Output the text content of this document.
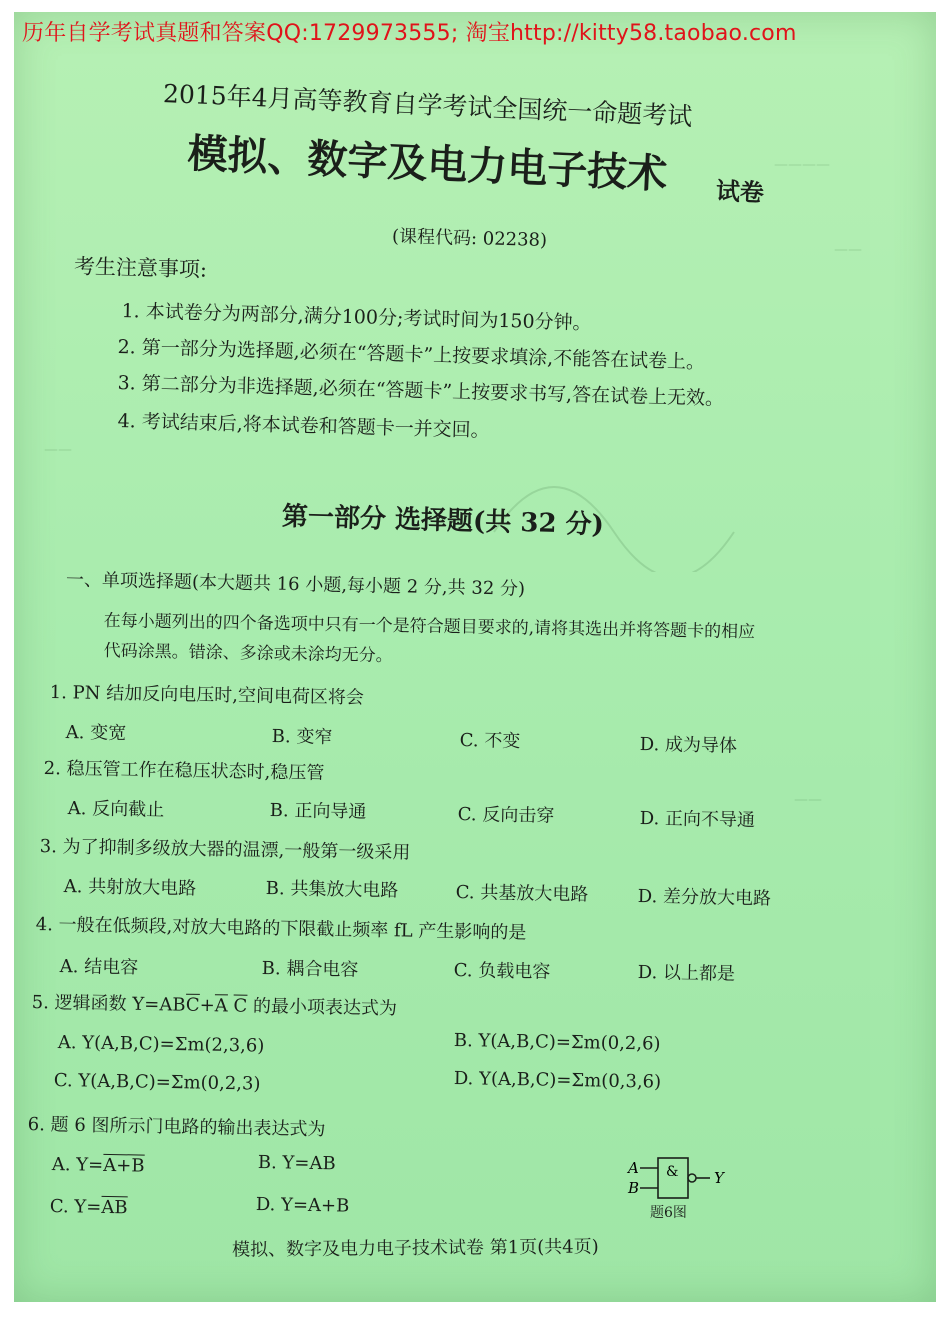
————
——
——
——
历年自学考试真题和答案QQ:1729973555; 淘宝http://kitty58.taobao.com
2015年4月高等教育自学考试全国统一命题考试
模拟、数字及电力电子技术 试卷
(课程代码: 02238)
考生注意事项:
1. 本试卷分为两部分,满分100分;考试时间为150分钟。
2. 第一部分为选择题,必须在“答题卡”上按要求填涂,不能答在试卷上。
3. 第二部分为非选择题,必须在“答题卡”上按要求书写,答在试卷上无效。
4. 考试结束后,将本试卷和答题卡一并交回。
第一部分 选择题(共 32 分)
一、单项选择题(本大题共 16 小题,每小题 2 分,共 32 分)
在每小题列出的四个备选项中只有一个是符合题目要求的,请将其选出并将答题卡的相应
代码涂黑。错涂、多涂或未涂均无分。
1. PN 结加反向电压时,空间电荷区将会
A. 变宽	B. 变窄	C. 不变	D. 成为导体
2. 稳压管工作在稳压状态时,稳压管
A. 反向截止	B. 正向导通	C. 反向击穿	D. 正向不导通
3. 为了抑制多级放大器的温漂,一般第一级采用
A. 共射放大电路	B. 共集放大电路	C. 共基放大电路	D. 差分放大电路
4. 一般在低频段,对放大电路的下限截止频率 fL 产生影响的是
A. 结电容	B. 耦合电容	C. 负载电容	D. 以上都是
5. 逻辑函数 $Y=AB\overline{C}+\overline{A}$ $\overline{C}$ 的最小项表达式为
A. Y(A,B,C)=Σm(2,3,6)	B. Y(A,B,C)=Σm(0,2,6)
C. Y(A,B,C)=Σm(0,2,3)	D. Y(A,B,C)=Σm(0,3,6)
6. 题 6 图所示门电路的输出表达式为
A. Y=A+B	B. Y=AB
C. $Y=\overline{AB}$	D. Y=A+B
&
A
B
Y
题6图
模拟、数字及电力电子技术试卷 第1页(共4页)
